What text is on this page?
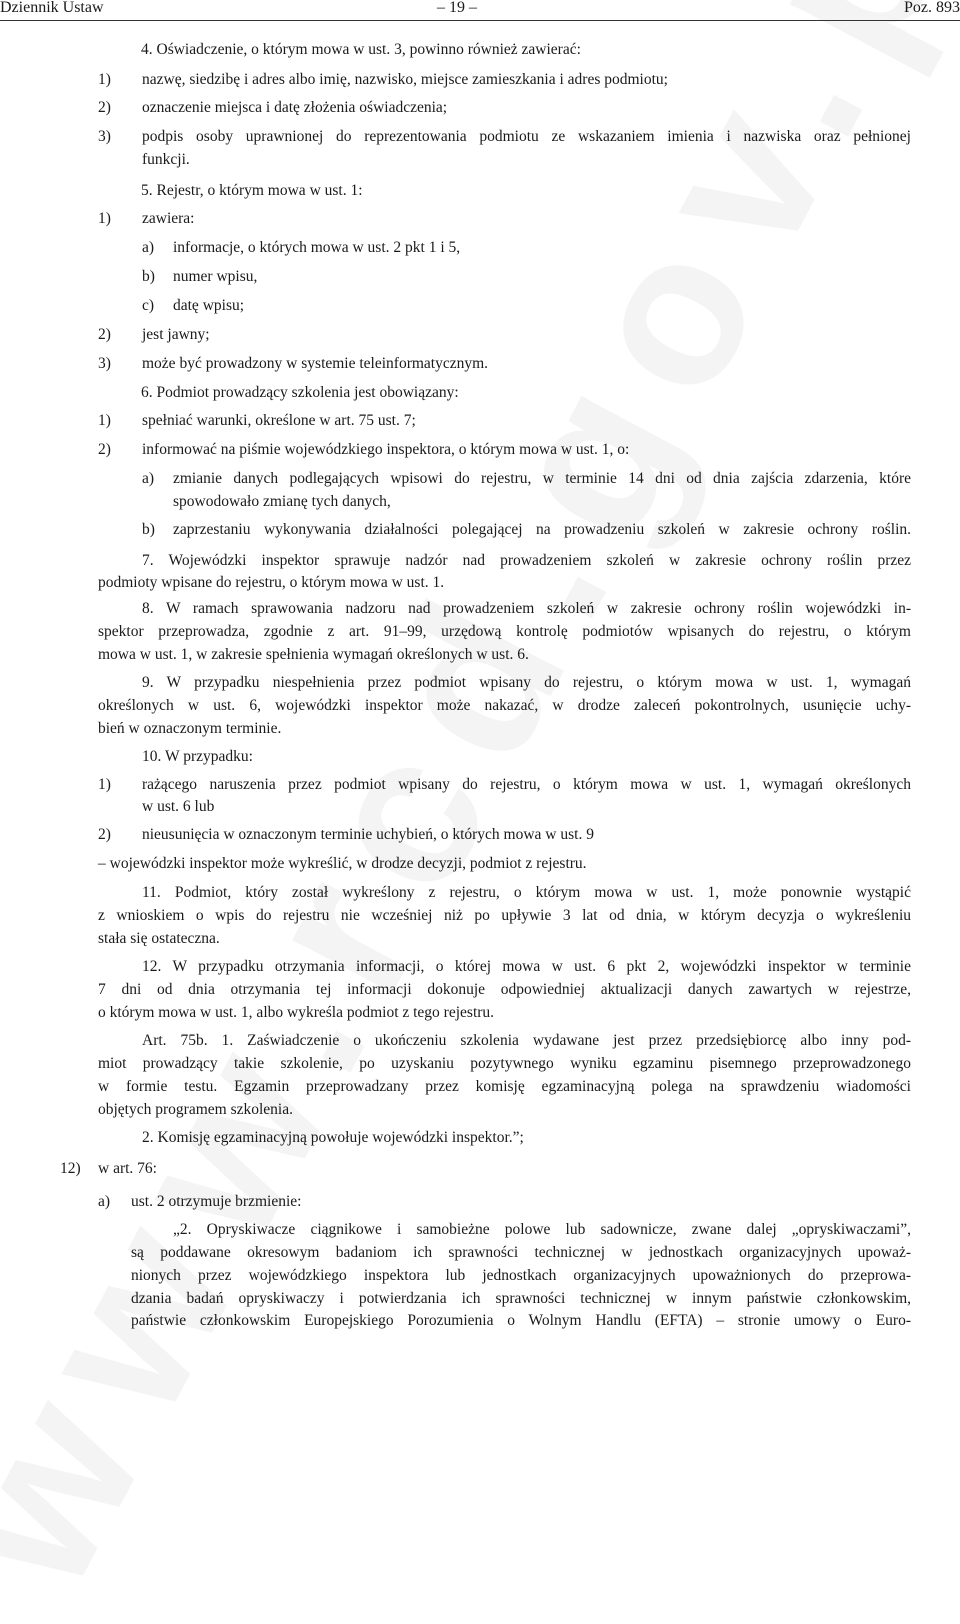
Dziennik Ustaw	– 19 –	Poz. 893
4. Oświadczenie, o którym mowa w ust. 3, powinno również zawierać:
1) nazwę, siedzibę i adres albo imię, nazwisko, miejsce zamieszkania i adres podmiotu;
2) oznaczenie miejsca i datę złożenia oświadczenia;
3) podpis osoby uprawnionej do reprezentowania podmiotu ze wskazaniem imienia i nazwiska oraz pełnionej
funkcji.
5. Rejestr, o którym mowa w ust. 1:
1) zawiera:
a) informacje, o których mowa w ust. 2 pkt 1 i 5,
b) numer wpisu,
c) datę wpisu;
2) jest jawny;
3) może być prowadzony w systemie teleinformatycznym.
6. Podmiot prowadzący szkolenia jest obowiązany:
1) spełniać warunki, określone w art. 75 ust. 7;
2) informować na piśmie wojewódzkiego inspektora, o którym mowa w ust. 1, o:
a) zmianie danych podlegających wpisowi do rejestru, w terminie 14 dni od dnia zajścia zdarzenia, które
spowodowało zmianę tych danych,
b) zaprzestaniu wykonywania działalności polegającej na prowadzeniu szkoleń w zakresie ochrony roślin.
7. Wojewódzki inspektor sprawuje nadzór nad prowadzeniem szkoleń w zakresie ochrony roślin przez
podmioty wpisane do rejestru, o którym mowa w ust. 1.
8. W ramach sprawowania nadzoru nad prowadzeniem szkoleń w zakresie ochrony roślin wojewódzki in-
spektor przeprowadza, zgodnie z art. 91–99, urzędową kontrolę podmiotów wpisanych do rejestru, o którym
mowa w ust. 1, w zakresie spełnienia wymagań określonych w ust. 6.
9. W przypadku niespełnienia przez podmiot wpisany do rejestru, o którym mowa w ust. 1, wymagań
określonych w ust. 6, wojewódzki inspektor może nakazać, w drodze zaleceń pokontrolnych, usunięcie uchy-
bień w oznaczonym terminie.
10. W przypadku:
1) rażącego naruszenia przez podmiot wpisany do rejestru, o którym mowa w ust. 1, wymagań określonych
w ust. 6 lub
2) nieusunięcia w oznaczonym terminie uchybień, o których mowa w ust. 9
– wojewódzki inspektor może wykreślić, w drodze decyzji, podmiot z rejestru.
11. Podmiot, który został wykreślony z rejestru, o którym mowa w ust. 1, może ponownie wystąpić
z wnioskiem o wpis do rejestru nie wcześniej niż po upływie 3 lat od dnia, w którym decyzja o wykreśleniu
stała się ostateczna.
12. W przypadku otrzymania informacji, o której mowa w ust. 6 pkt 2, wojewódzki inspektor w terminie
7 dni od dnia otrzymania tej informacji dokonuje odpowiedniej aktualizacji danych zawartych w rejestrze,
o którym mowa w ust. 1, albo wykreśla podmiot z tego rejestru.
Art. 75b. 1. Zaświadczenie o ukończeniu szkolenia wydawane jest przez przedsiębiorcę albo inny pod-
miot prowadzący takie szkolenie, po uzyskaniu pozytywnego wyniku egzaminu pisemnego przeprowadzonego
w formie testu. Egzamin przeprowadzany przez komisję egzaminacyjną polega na sprawdzeniu wiadomości
objętych programem szkolenia.
2. Komisję egzaminacyjną powołuje wojewódzki inspektor.”;
12) w art. 76:
a) ust. 2 otrzymuje brzmienie:
„2. Opryskiwacze ciągnikowe i samobieżne polowe lub sadownicze, zwane dalej „opryskiwaczami”,
są poddawane okresowym badaniom ich sprawności technicznej w jednostkach organizacyjnych upoważ-
nionych przez wojewódzkiego inspektora lub jednostkach organizacyjnych upoważnionych do przeprowa-
dzania badań opryskiwaczy i potwierdzania ich sprawności technicznej w innym państwie członkowskim,
państwie członkowskim Europejskiego Porozumienia o Wolnym Handlu (EFTA) – stronie umowy o Euro-
